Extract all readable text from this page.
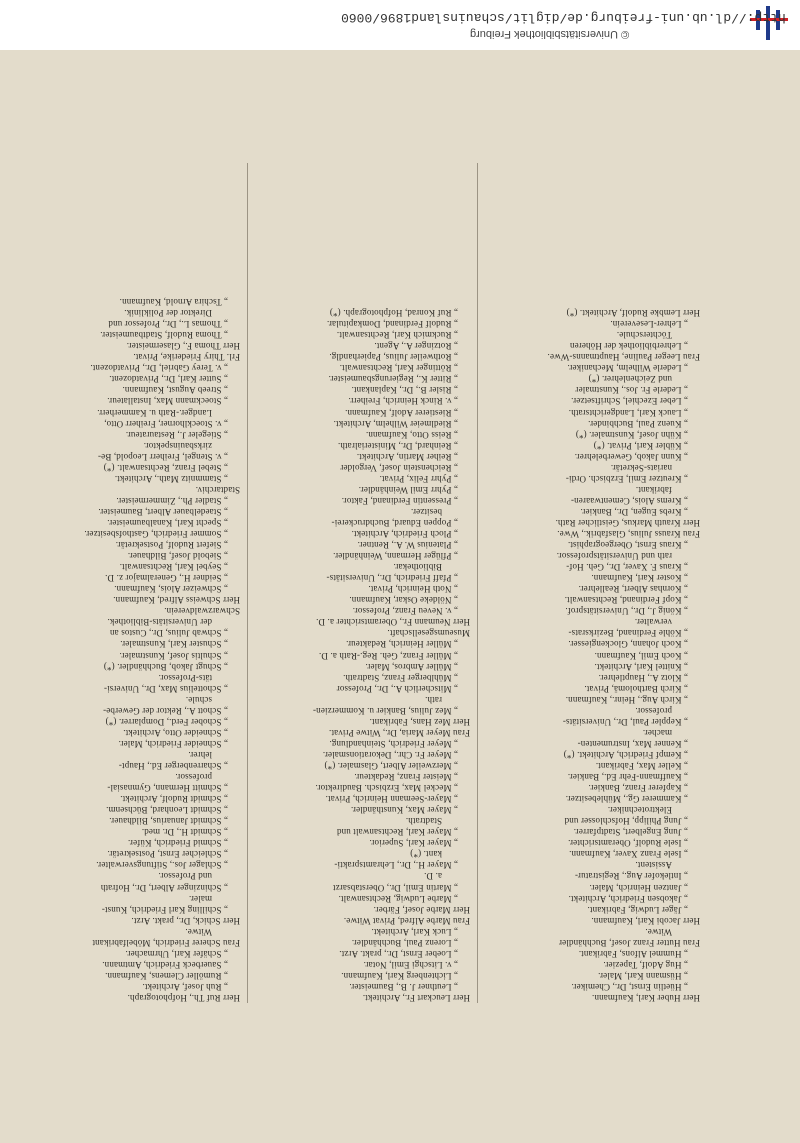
http://dl.ub.uni-freiburg.de/diglit/schauinsland1896/0060
© Universitätsbibliothek Freiburg
Herr Huber Karl, Kaufmann.
„ Hüetlin Ernst, Dr., Chemiker.
„ Hüsmann Karl, Maler.
„ Hug Adolf, Tapezier.
„ Hummel Alfons, Fabrikant.
Frau Hutter Franz Josef, Buchhändler
Witwe.
Herr Jacobi Karl, Kaufmann.
„ Jäger Ludwig, Fabrikant.
„ Jakobsen Friedrich, Architekt.
„ Jantzen Heinrich, Maler.
„ Intlekofer Aug., Registratur-
Assistent.
„ Isele Franz Xaver, Kaufmann.
„ Isele Rudolf, Oberamtsrichter.
„ Jung Engelbert, Stadtpfarrer.
„ Jung Philipp, Hofschlosser und
Elektrotechniker.
„ Kammerer Gg., Mühlebesitzer.
„ Kapferer Franz, Bankier.
„ Kauffmann-Fehr Ed., Bankier.
„ Keller Max, Fabrikant.
„ Kempf Friedrich, Architekt. (*)
„ Kenner Max, Instrumenten-
macher.
„ Keppler Paul, Dr., Universitäts-
professor.
„ Kirch Aug., Heinr., Kaufmann.
„ Kirch Bartholomä, Privat.
„ Klotz A., Hauptlehrer.
„ Knittel Karl, Architekt.
„ Koch Emil, Kaufmann.
„ Koch Johann, Glockengiesser.
„ Köhle Ferdinand, Bezirksrats-
verwalter.
„ König J., Dr., Universitätsprof.
„ Kopf Ferdinand, Rechtsanwalt.
„ Kornhas Albert, Reallehrer.
„ Koster Karl, Kaufmann.
„ Kraus F. Xaver, Dr., Geh. Hof-
rath und Universitätsprofessor.
„ Kraus Ernst, Obergeographist.
Frau Krauss Julius, Glasfabrik., Wwe.
Herr Krauth Markus, Geistlicher Rath.
„ Krebs Eugen, Dr., Bankier.
„ Krems Alois, Cementwaaren-
fabrikant.
„ Kreutzer Emil, Erzbisch. Ordi-
nariats-Sekretär.
„ Kunn Jakob, Gewerbelehrer.
„ Kübler Karl, Privat. (*)
„ Kühn Josef, Kunstmaler. (*)
„ Kuenz Paul, Buchbinder.
„ Lauck Karl, Landgerichtsrath.
„ Leber Ezechiel, Schriftsetzer.
„ Lederle Fr. Jos., Kunstmaler
und Zeichenlehrer. (*)
„ Lederle Wilhelm, Mechaniker.
Frau Leeger Pauline, Hauptmanns-Wwe.
„ Lehrerbibliothek der Höheren
Töchterschule.
„ Lehrer-Lesevereín.
Herr Lembke Rudolf, Architekt. (*)
Herr Leuckart Fr., Architekt.
„ Leuthner J. B., Baumeister.
„ Lichtenberg Karl, Kaufmann.
„ v. Litschgi Emil, Notar.
„ Loeber Ernst, Dr., prakt. Arzt.
„ Lorenz Paul, Buchhändler.
„ Luck Karl, Architekt.
Frau Marbe Alfred, Privat Witwe.
Herr Marbe Josef, Färber.
„ Marbe Ludwig, Rechtsanwalt.
„ Martin Emil, Dr., Oberstabsarzt
a. D.
„ Mayer H., Dr., Lehramtsprakti-
kant. (*)
„ Mayer Karl, Superior.
„ Mayer Karl, Rechtsanwalt und
Stadtrath.
„ Mayer Max, Kunsthändler.
„ Mayer-Seemann Heinrich, Privat.
„ Meckel Max, Erzbisch. Baudirektor.
„ Meister Franz, Redakteur.
„ Merzweiler Albert, Glasmaler. (*)
„ Meyer Fr. Chr., Dekorationsmaler.
„ Meyer Friedrich, Steinhandlung.
Frau Meyer Maria, Dr., Witwe Privat.
Herr Mez Hans, Fabrikant.
„ Mez Julius, Bankier u. Kommerzien-
rath.
„ Mitscherlich A., Dr., Professor
„ Mühlberger Franz, Stadtrath.
„ Müller Ambros, Maler.
„ Müller Franz, Geh. Reg.-Rath a. D.
„ Müller Heinrich, Redakteur.
Museumsgesellschaft.
Herr Neumann Fr., Oberamtsrichter a. D.
„ v. Neveu Franz, Professor.
„ Nöldeke Oskar, Kaufmann.
„ Noth Heinrich, Privat.
„ Pfaff Friedrich, Dr., Universitäts-
Bibliothekar.
„ Pflüger Hermann, Weinhändler.
„ Platenius W. A., Rentner.
„ Ploch Friedrich, Architekt.
„ Poppen Eduard, Buchdruckerei-
besitzer.
„ Pressentin Ferdinand, Faktor.
„ Pyhrr Emil Weinhändler.
„ Pyhrr Felix, Privat.
„ Reichenstein Josef, Vergolder
„ Reiher Martin, Architekt.
„ Reinhard, Dr., Ministerialrath.
„ Reiss Otto, Kaufmann.
„ Riedlmeier Wilhelm, Architekt.
„ Riestierer Adolf, Kaufmann.
„ v. Rinck Heinrich, Freiherr.
„ Risler B., Dr., Kaplankant.
„ Ritter K., Regierungsbaumeister.
„ Röttinger Karl, Rechtsanwalt.
„ Rothweiler Julius, Papierhandlg.
„ Rotzinger A., Agent.
„ Ruckmich Karl, Rechtsanwalt.
„ Rudolf Ferdinand, Domkapitular.
„ Ruf Konrad, Hofphotograph. (*)
Herr Ruf Th., Hofphotograph.
„ Ruh Josef, Architekt.
„ Rumöller Clemens, Kaufmann.
„ Sauerbeck Friedrich, Amtmann.
„ Schäfer Karl, Uhrmacher.
Frau Scherer Friedrich, Möbelfabrikant
Witwe.
Herr Schick, Dr., prakt. Arzt.
„ Schilling Karl Friedrich, Kunst-
maler.
„ Schinzinger Albert, Dr., Hofrath
und Professor.
„ Schlager Jos., Stiftungsverwalter.
„ Schleicher Ernst, Postsekretär.
„ Schmid Friedrich, Küfer.
„ Schmidt H., Dr. med.
„ Schmidt Januarius, Bildhauer.
„ Schmidt Leonhard, Büchsenm.
„ Schmidt Rudolf, Architekt.
„ Schmitt Hermann, Gymnasial-
professor.
„ Scharrenberger Ed., Haupt-
lehrer.
„ Schneider Friedrich, Maler.
„ Schneider Otto, Architekt.
„ Schober Ferd., Domplarrer. (*)
„ Schott A., Rektor der Gewerbe-
schule.
„ Schottelius Max, Dr., Universi-
täts-Professor.
„ Schugt Jakob, Buchhändler. (*)
„ Schultis Josef, Kunstmaler.
„ Schuster Karl, Kunstmaler.
„ Schwab Julius, Dr., Custos an
der Universitäts-Bibliothek.
Schwarzwaldverein.
Herr Schweiss Alfred, Kaufmann.
„ Schweizer Alois, Kaufmann.
„ Seidner H., Generalmajor z. D.
„ Seybel Karl, Rechtsanwalt.
„ Siebold Josef, Bildhauer.
„ Siefert Rudolf, Postsekretär.
„ Sommer Friedrich, Gasthofsbesitzer.
„ Specht Karl, Kanalbaumeister.
„ Staedelbauer Albert, Baumeister.
„ Stadler Ph., Zimmermeister.
Stadtarchiv.
„ Stammnitz Math., Architekt.
„ Stebel Franz, Rechtsanwalt. (*)
„ v. Stengel, Freiherr Leopold, Be-
zirksbauinspektor.
„ Stiegeler J., Restaurateur.
„ v. Stoecklhorner, Freiherr Otto,
Landger.-Rath u. Kammerherr.
„ Stoeckmann Max, Installateur.
„ Streeb August, Kaufmann.
„ Sutter Karl, Dr., Privatdozent.
„ v. Terey Gabriel, Dr., Privatdozent.
Frl. Thiry Friederike, Privat.
Herr Thoma F., Glasermeister.
„ Thoma Rudolf, Stadtbaumeister.
„ Thomas L., Dr., Professor und
Direktor der Poliklinik.
„ Tschira Arnold, Kaufmann.
